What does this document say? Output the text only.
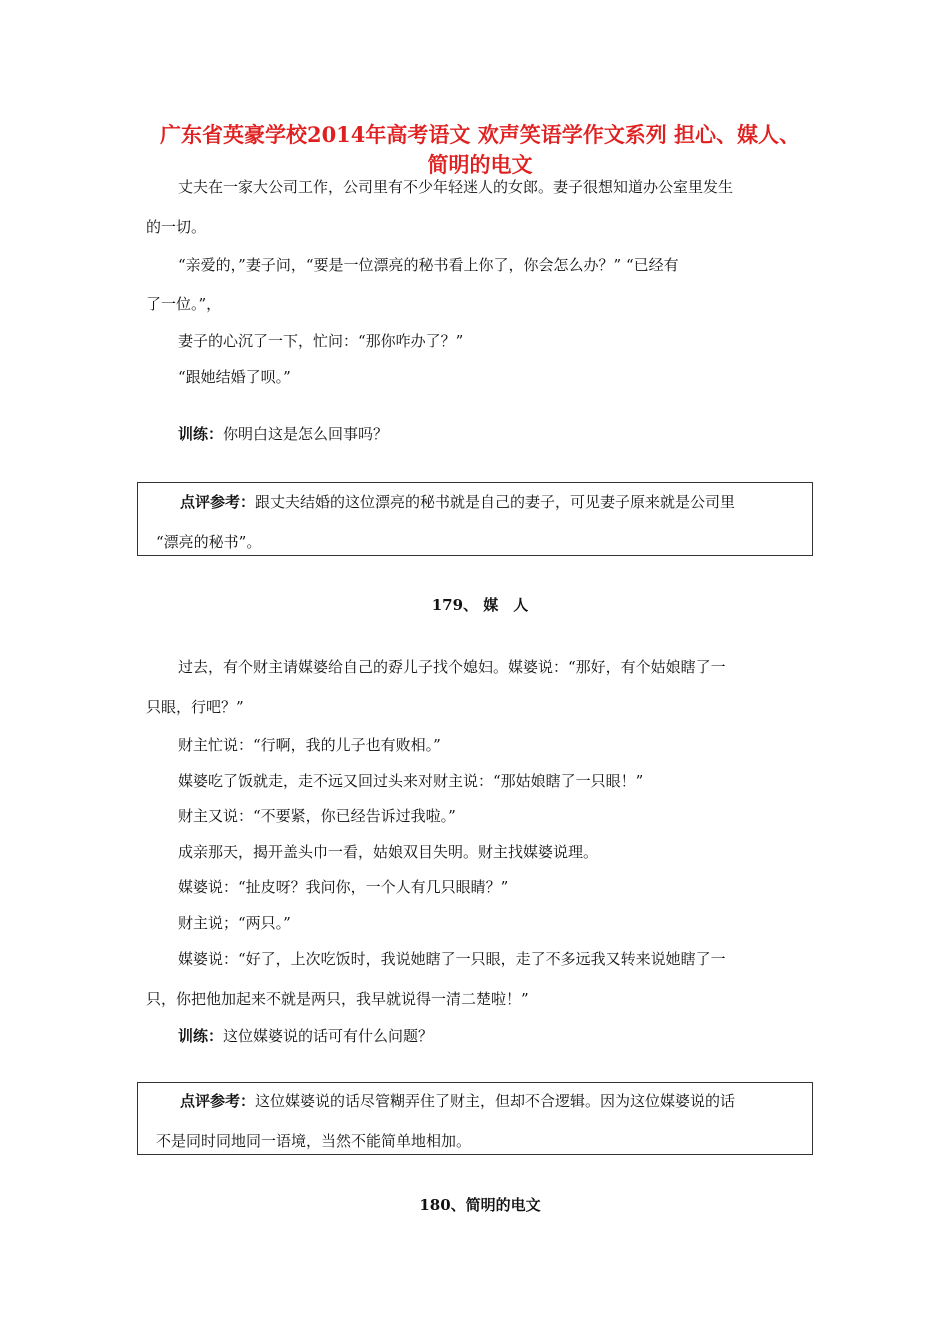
广东省英豪学校2014年高考语文 欢声笑语学作文系列 担心、媒人、
简明的电文

丈夫在一家大公司工作，公司里有不少年轻迷人的女郎。妻子很想知道办公室里发生

的一切。

“亲爱的，”妻子问，“要是一位漂亮的秘书看上你了，你会怎么办？” “已经有

了一位。”，

妻子的心沉了一下，忙问：“那你咋办了？”

“跟她结婚了呗。”

训练：你明白这是怎么回事吗？

点评参考：跟丈夫结婚的这位漂亮的秘书就是自己的妻子，可见妻子原来就是公司里
“漂亮的秘书”。
179、 媒　人

过去，有个财主请媒婆给自己的孬儿子找个媳妇。媒婆说：“那好，有个姑娘瞎了一

只眼，行吧？”

财主忙说：“行啊，我的儿子也有败相。”

媒婆吃了饭就走，走不远又回过头来对财主说：“那姑娘瞎了一只眼！”

财主又说：“不要紧，你已经告诉过我啦。”

成亲那天，揭开盖头巾一看，姑娘双目失明。财主找媒婆说理。

媒婆说：“扯皮呀？我问你，一个人有几只眼睛？”

财主说；“两只。”

媒婆说：“好了，上次吃饭时，我说她瞎了一只眼，走了不多远我又转来说她瞎了一

只，你把他加起来不就是两只，我早就说得一清二楚啦！”

训练：这位媒婆说的话可有什么问题？

点评参考：这位媒婆说的话尽管糊弄住了财主，但却不合逻辑。因为这位媒婆说的话
不是同时同地同一语境，当然不能简单地相加。
180、简明的电文
